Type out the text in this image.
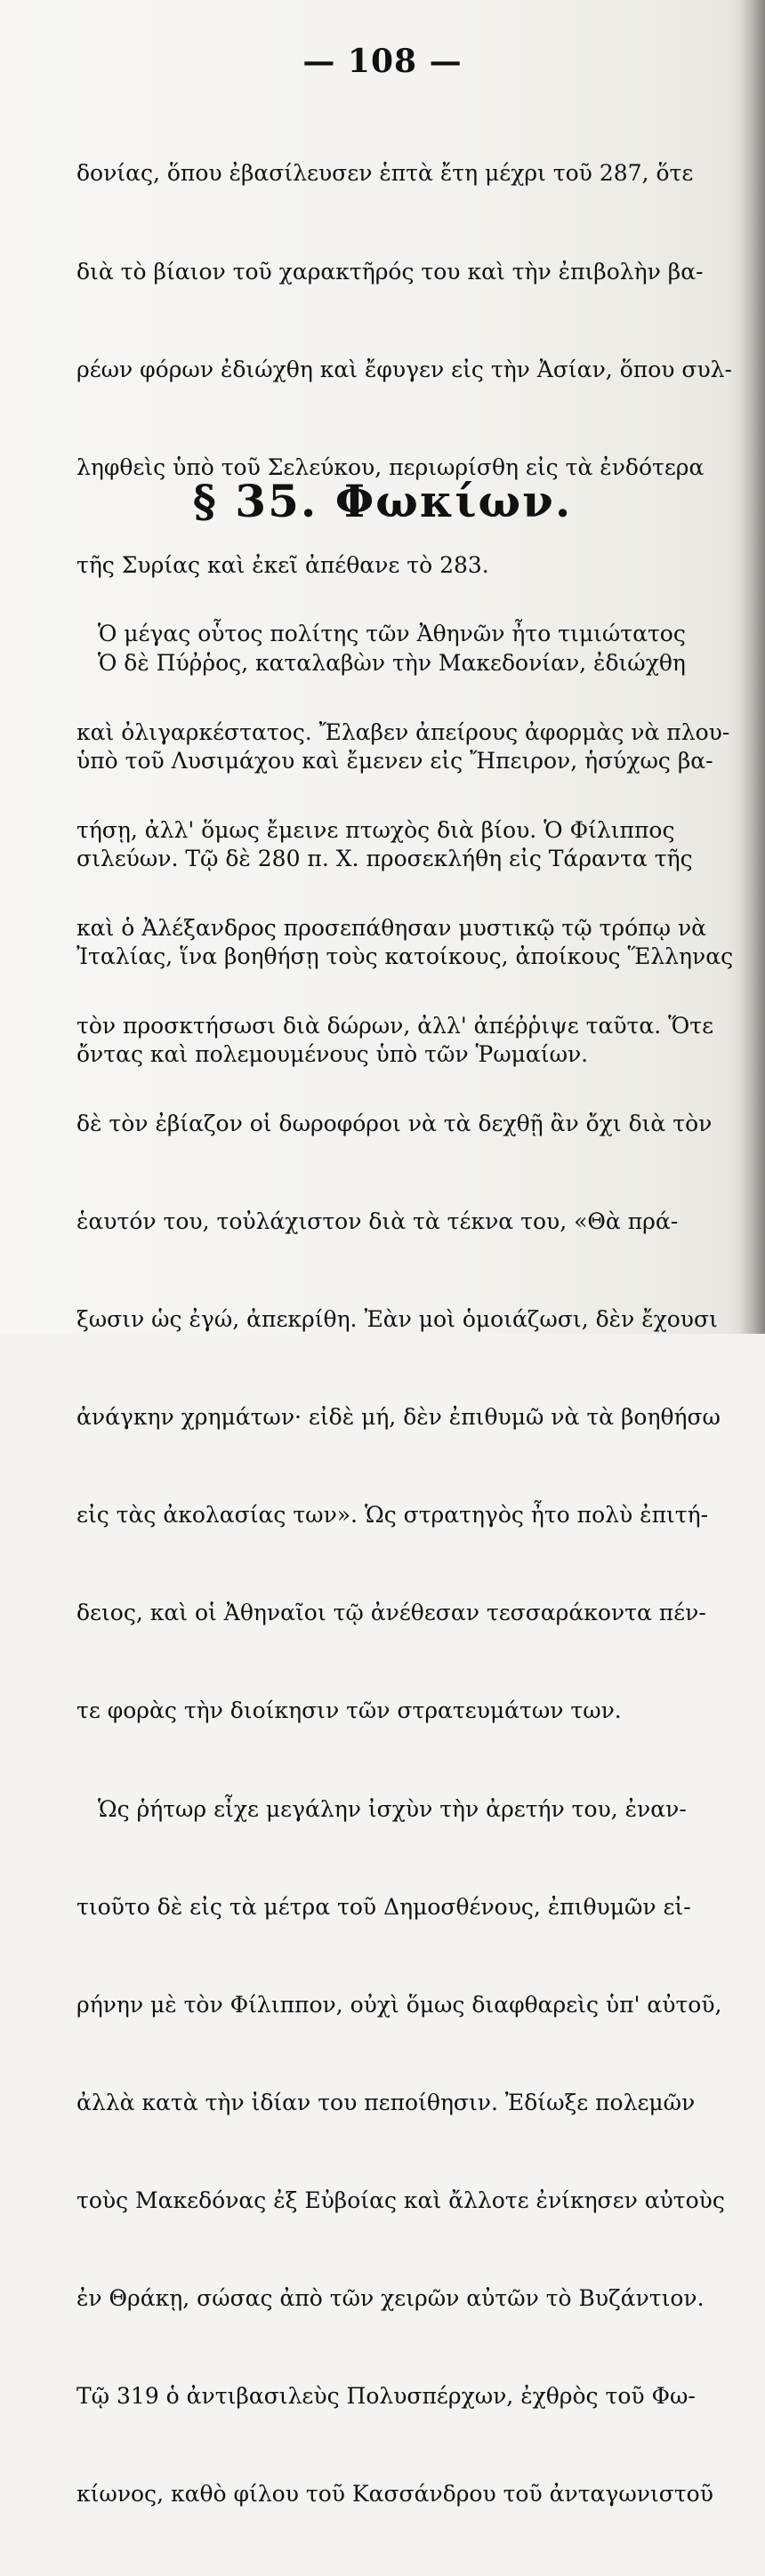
— 108 —

δονίας, ὅπου ἐβασίλευσεν ἑπτὰ ἔτη μέχρι τοῦ 287, ὅτε

διὰ τὸ βίαιον τοῦ χαρακτῆρός του καὶ τὴν ἐπιβολὴν βα-

ρέων φόρων ἐδιώχθη καὶ ἔφυγεν εἰς τὴν Ἀσίαν, ὅπου συλ-

ληφθεὶς ὑπὸ τοῦ Σελεύκου, περιωρίσθη εἰς τὰ ἐνδότερα

τῆς Συρίας καὶ ἐκεῖ ἀπέθανε τὸ 283.

Ὁ δὲ Πύῤῥος, καταλαβὼν τὴν Μακεδονίαν, ἐδιώχθη

ὑπὸ τοῦ Λυσιμάχου καὶ ἔμενεν εἰς Ἤπειρον, ἡσύχως βα-

σιλεύων. Τῷ δὲ 280 π. Χ. προσεκλήθη εἰς Τάραντα τῆς

Ἰταλίας, ἵνα βοηθήσῃ τοὺς κατοίκους, ἀποίκους Ἕλληνας

ὄντας καὶ πολεμουμένους ὑπὸ τῶν Ῥωμαίων.

§ 35. Φωκίων.

Ὁ μέγας οὗτος πολίτης τῶν Ἀθηνῶν ἦτο τιμιώτατος

καὶ ὀλιγαρκέστατος. Ἔλαβεν ἀπείρους ἀφορμὰς νὰ πλου-

τήσῃ, ἀλλ' ὅμως ἔμεινε πτωχὸς διὰ βίου. Ὁ Φίλιππος

καὶ ὁ Ἀλέξανδρος προσεπάθησαν μυστικῷ τῷ τρόπῳ νὰ

τὸν προσκτήσωσι διὰ δώρων, ἀλλ' ἀπέῤῥιψε ταῦτα. Ὅτε

δὲ τὸν ἐβίαζον οἱ δωροφόροι νὰ τὰ δεχθῇ ἂν ὄχι διὰ τὸν

ἑαυτόν του, τοὐλάχιστον διὰ τὰ τέκνα του, «Θὰ πρά-

ξωσιν ὡς ἐγώ, ἀπεκρίθη. Ἐὰν μοὶ ὁμοιάζωσι, δὲν ἔχουσι

ἀνάγκην χρημάτων· εἰδὲ μή, δὲν ἐπιθυμῶ νὰ τὰ βοηθήσω

εἰς τὰς ἀκολασίας των». Ὡς στρατηγὸς ἦτο πολὺ ἐπιτή-

δειος, καὶ οἱ Ἀθηναῖοι τῷ ἀνέθεσαν τεσσαράκοντα πέν-

τε φορὰς τὴν διοίκησιν τῶν στρατευμάτων των.

Ὡς ῥήτωρ εἶχε μεγάλην ἰσχὺν τὴν ἀρετήν του, ἐναν-

τιοῦτο δὲ εἰς τὰ μέτρα τοῦ Δημοσθένους, ἐπιθυμῶν εἰ-

ρήνην μὲ τὸν Φίλιππον, οὐχὶ ὅμως διαφθαρεὶς ὑπ' αὐτοῦ,

ἀλλὰ κατὰ τὴν ἰδίαν του πεποίθησιν. Ἐδίωξε πολεμῶν

τοὺς Μακεδόνας ἐξ Εὐβοίας καὶ ἄλλοτε ἐνίκησεν αὐτοὺς

ἐν Θράκῃ, σώσας ἀπὸ τῶν χειρῶν αὐτῶν τὸ Βυζάντιον.

Τῷ 319 ὁ ἀντιβασιλεὺς Πολυσπέρχων, ἐχθρὸς τοῦ Φω-

κίωνος, καθὸ φίλου τοῦ Κασσάνδρου τοῦ ἀνταγωνιστοῦ
